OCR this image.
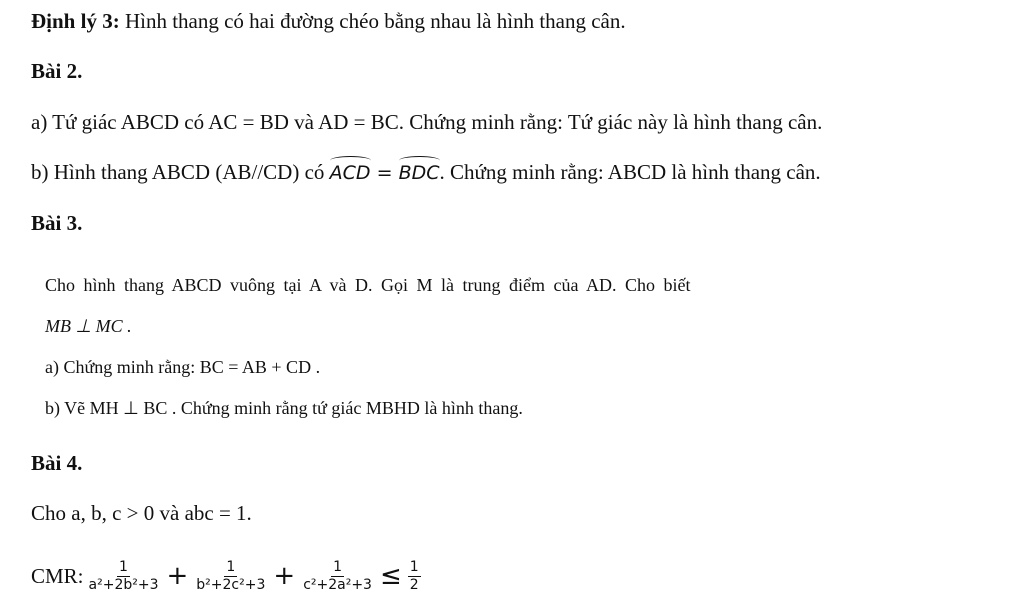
Định lý 3: Hình thang có hai đường chéo bằng nhau là hình thang cân.
Bài 2.
a) Tứ giác ABCD có AC = BD và AD = BC. Chứng minh rằng: Tứ giác này là hình thang cân.
b) Hình thang ABCD (AB//CD) có ACD = BDC. Chứng minh rằng: ABCD là hình thang cân.
Bài 3.
Cho hình thang ABCD vuông tại A và D. Gọi M là trung điểm của AD. Cho biết
MB ⊥ MC .
a) Chứng minh rằng: BC = AB + CD .
b) Vẽ MH ⊥ BC . Chứng minh rằng tứ giác MBHD là hình thang.
Bài 4.
Cho a, b, c > 0 và abc = 1.
CMR: $\frac{1}{\text{a²+2b²+3}} + \frac{1}{\text{b²+2c²+3}} + \frac{1}{\text{c²+2a²+3}} \le \frac{1}{2}$
